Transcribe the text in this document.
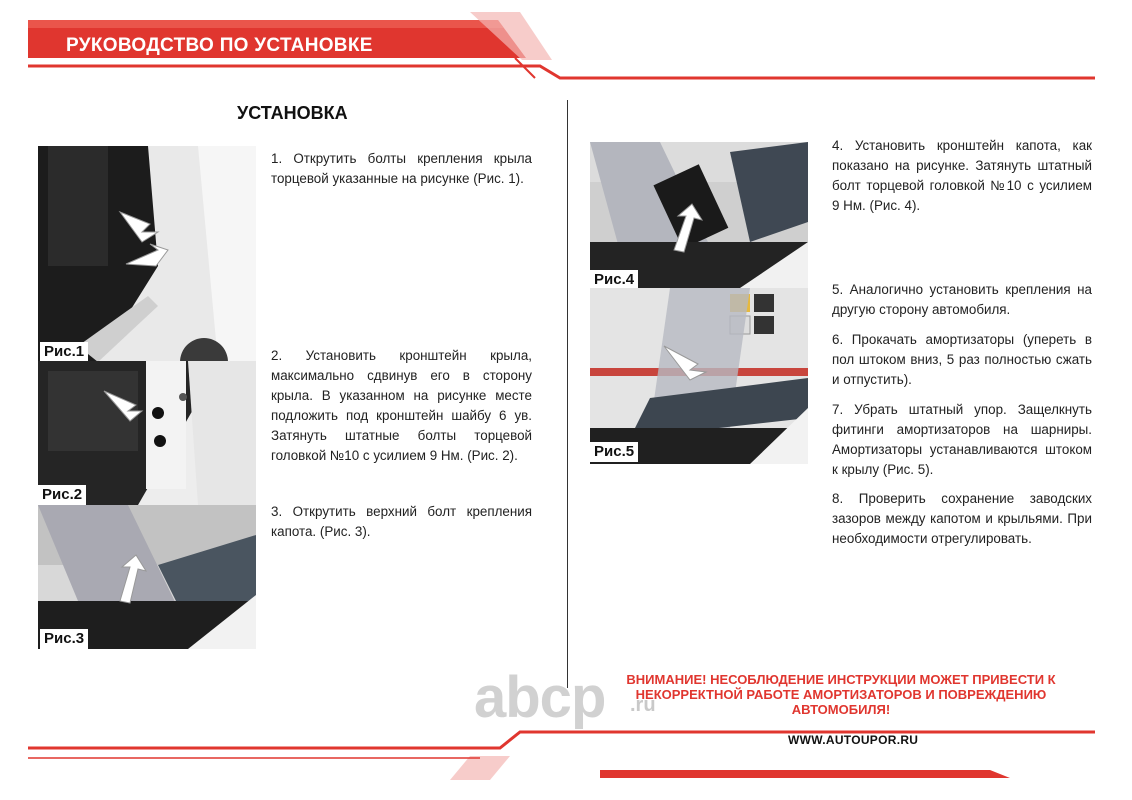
РУКОВОДСТВО ПО УСТАНОВКЕ
УСТАНОВКА
Рис.1
Рис.2
Рис.3
Рис.4
Рис.5

1. Открутить болты крепления крыла торцевой указанные на рисунке (Рис. 1).

2. Установить кронштейн крыла, максимально сдвинув его в сторону крыла. В указанном на рисунке месте подложить под кронштейн шайбу 6 ув. Затянуть штатные болты торцевой головкой №10 с усилием 9 Нм. (Рис. 2).

3. Открутить верхний болт крепления капота. (Рис. 3).

4. Установить кронштейн капота, как показано на рисунке. Затянуть штатный болт торцевой головкой №10 с усилием 9 Нм. (Рис. 4).

5. Аналогично установить крепления на другую сторону автомобиля.

6. Прокачать амортизаторы (упереть в пол штоком вниз, 5 раз полностью сжать и отпустить).

7. Убрать штатный упор. Защелкнуть фитинги амортизаторов на шарниры. Амортизаторы устанавливаются штоком к крылу (Рис. 5).

8. Проверить сохранение заводских зазоров между капотом и крыльями. При необходимости отрегулировать.

abcp .ru
ВНИМАНИЕ! НЕСОБЛЮДЕНИЕ ИНСТРУКЦИИ МОЖЕТ ПРИВЕСТИ К
НЕКОРРЕКТНОЙ РАБОТЕ АМОРТИЗАТОРОВ И ПОВРЕЖДЕНИЮ
АВТОМОБИЛЯ!
WWW.AUTOUPOR.RU
